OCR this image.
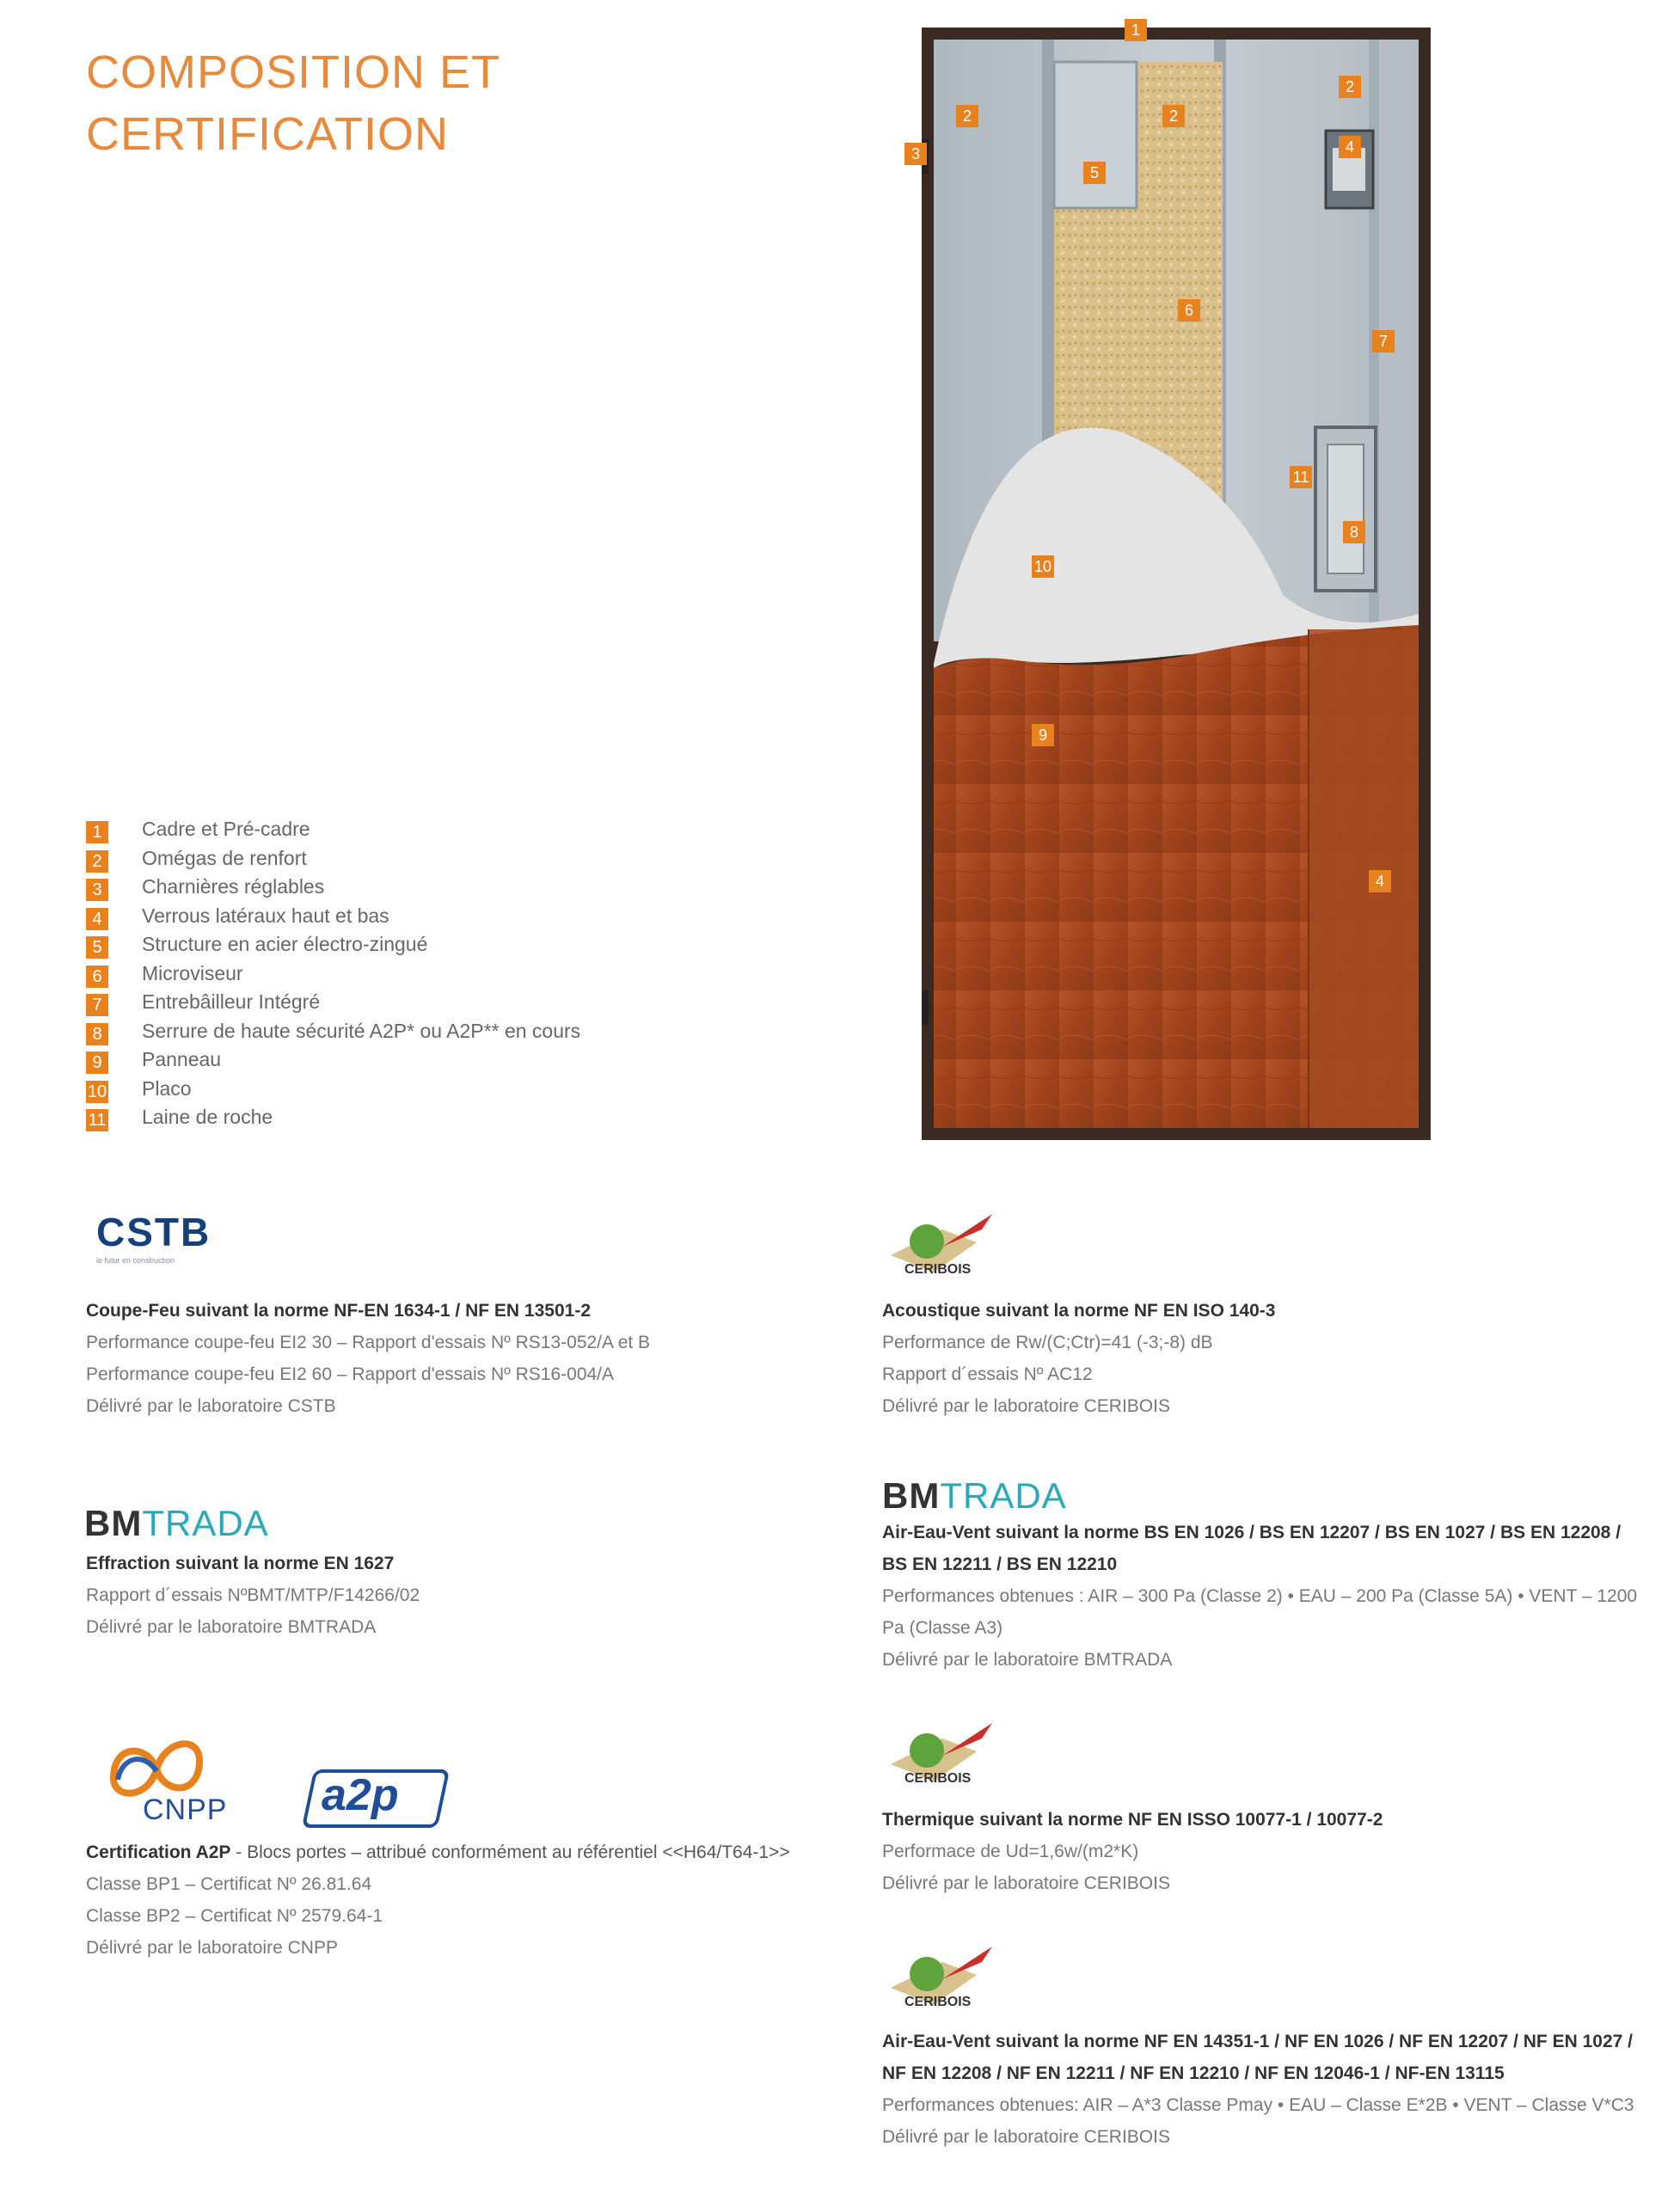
COMPOSITION ET
CERTIFICATION
1
2	2
2
3	4
5
6
7
8
9
10
11
4
1	Cadre et Pré-cadre
2	Omégas de renfort
3	Charnières réglables
4	Verrous latéraux haut et bas
5	Structure en acier électro-zingué
6	Microviseur
7	Entrebâilleur Intégré
8	Serrure de haute sécurité A2P* ou A2P** en cours
9	Panneau
10 Placo
11 Laine de roche
CSTB
le futur en construction
Coupe-Feu suivant la norme NF-EN 1634-1 / NF EN 13501-2

Performance coupe-feu EI2 30 – Rapport d'essais Nº RS13-052/A et B

Performance coupe-feu EI2 60 – Rapport d'essais Nº RS16-004/A

Délivré par le laboratoire CSTB

CERIBOIS
Acoustique suivant la norme NF EN ISO 140-3

Performance de Rw/(C;Ctr)=41 (-3;-8) dB

Rapport d´essais Nº AC12

Délivré par le laboratoire CERIBOIS

BMTRADA
Effraction suivant la norme EN 1627

Rapport d´essais NºBMT/MTP/F14266/02

Délivré par le laboratoire BMTRADA

BMTRADA
Air-Eau-Vent suivant la norme BS EN 1026 / BS EN 12207 / BS EN 1027 / BS EN 12208 / BS EN 12211 / BS EN 12210

Performances obtenues : AIR – 300 Pa (Classe 2) • EAU – 200 Pa (Classe 5A) • VENT – 1200 Pa (Classe A3)

Délivré par le laboratoire BMTRADA

CNPP a2p
Certification A2P - Blocs portes – attribué conformément au référentiel <<H64/T64-1>>

Classe BP1 – Certificat Nº 26.81.64

Classe BP2 – Certificat Nº 2579.64-1

Délivré par le laboratoire CNPP

CERIBOIS
Thermique suivant la norme NF EN ISSO 10077-1 / 10077-2

Performace de Ud=1,6w/(m2*K)

Délivré par le laboratoire CERIBOIS

CERIBOIS
Air-Eau-Vent suivant la norme NF EN 14351-1 / NF EN 1026 / NF EN 12207 / NF EN 1027 / NF EN 12208 / NF EN 12211 / NF EN 12210 / NF EN 12046-1 / NF-EN 13115

Performances obtenues: AIR – A*3 Classe Pmay • EAU – Classe E*2B • VENT – Classe V*C3

Délivré par le laboratoire CERIBOIS
